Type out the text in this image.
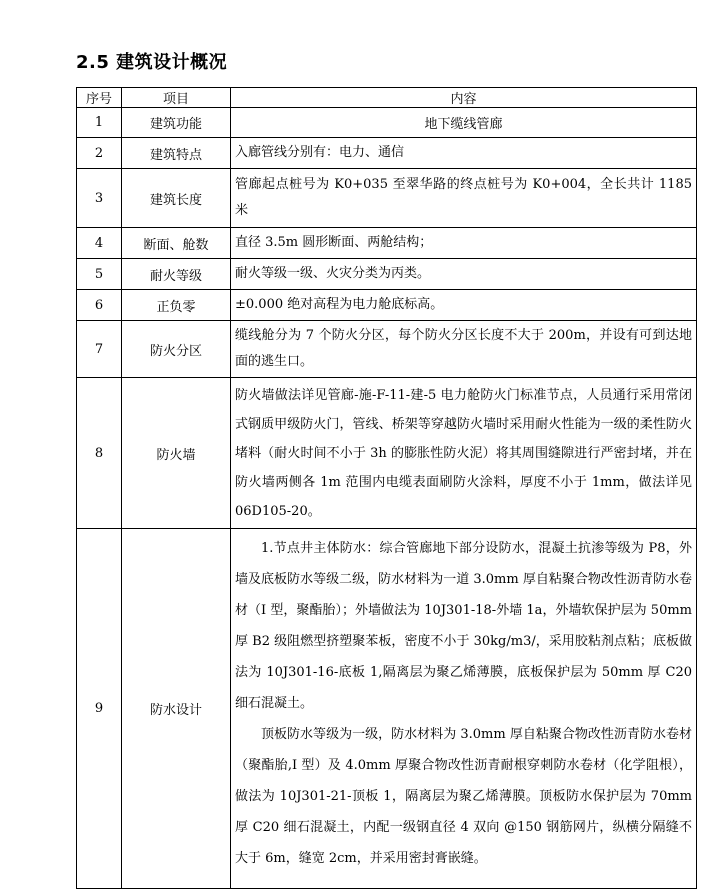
2.5 建筑设计概况
序号	项目	内容
1	建筑功能	地下缆线管廊
2	建筑特点	入廊管线分别有：电力、通信
3	建筑长度	管廊起点桩号为 K0+035 至翠华路的终点桩号为 K0+004，全长共计 1185 米
4	断面、舱数	直径 3.5m 圆形断面、两舱结构；
5	耐火等级	耐火等级一级、火灾分类为丙类。
6	正负零	±0.000 绝对高程为电力舱底标高。
7	防火分区	缆线舱分为 7 个防火分区，每个防火分区长度不大于 200m，并设有可到达地面的逃生口。
8	防火墙	防火墙做法详见管廊-施-F-11-建-5 电力舱防火门标准节点，人员通行采用常闭式钢质甲级防火门，管线、桥架等穿越防火墙时采用耐火性能为一级的柔性防火堵料（耐火时间不小于 3h 的膨胀性防火泥）将其周围缝隙进行严密封堵，并在防火墙两侧各 1m 范围内电缆表面刷防火涂料，厚度不小于 1mm，做法详见 06D105-20。
9	防水设计	1.节点井主体防水：综合管廊地下部分设防水，混凝土抗渗等级为 P8，外墙及底板防水等级二级，防水材料为一道 3.0mm 厚自粘聚合物改性沥青防水卷材（I 型，聚酯胎）；外墙做法为 10J301-18-外墙 1a，外墙软保护层为 50mm 厚 B2 级阻燃型挤塑聚苯板，密度不小于 30kg/m3/，采用胶粘剂点粘；底板做法为 10J301-16-底板 1,隔离层为聚乙烯薄膜，底板保护层为 50mm 厚 C20 细石混凝土。

顶板防水等级为一级，防水材料为 3.0mm 厚自粘聚合物改性沥青防水卷材（聚酯胎,I 型）及 4.0mm 厚聚合物改性沥青耐根穿刺防水卷材（化学阻根），做法为 10J301-21-顶板 1，隔离层为聚乙烯薄膜。顶板防水保护层为 70mm 厚 C20 细石混凝土，内配一级钢直径 4 双向 @150 钢筋网片，纵横分隔缝不大于 6m，缝宽 2cm，并采用密封膏嵌缝。
